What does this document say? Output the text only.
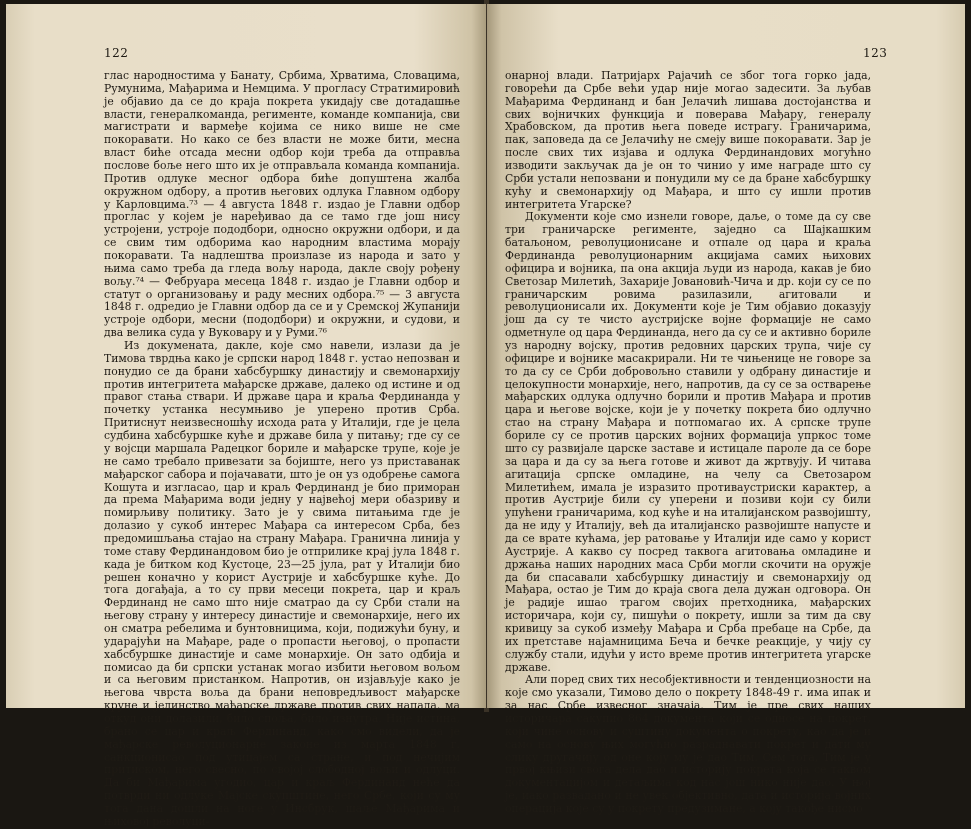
122

глас народностима у Банату, Србима, Хрватима, Словацима, Румунима, Мађарима и Немцима. У прогласу Стратимировић је објавио да се до краја покрета укидају све дотадашње власти, генералкоманда, регименте, команде компанија, сви магистрати и вармеђе којима се нико више не сме покоравати. Но како се без власти не може бити, месна власт биће отсада месни одбор који треба да отправља послове боље него што их је отправљала команда компанија. Против одлуке месног одбора биће допуштена жалба окружном одбору, а против његових одлука Главном одбору у Карловцима.⁷³ — 4 августа 1848 г. издао је Главни одбор проглас у којем је наређивао да се тамо где још нису устројени, устроје пододбори, односно окружни одбори, и да се свим тим одборима као народним властима морају покоравати. Та надлештва произлазе из народа и зато у њима само треба да гледа вољу народа, дакле своју рођену вољу.⁷⁴ — Фебруара месеца 1848 г. издао је Главни одбор и статут о организовању и раду месних одбора.⁷⁵ — 3 августа 1848 г. одредио је Главни одбор да се и у Сремској Жупанији устроје одбори, месни (пододбори) и окружни, и судови, и два велика суда у Вуковару и у Руми.⁷⁶

Из докумената, дакле, које смо навели, излази да је Тимова тврдња како је српски народ 1848 г. устао непозван и понудио се да брани хабсбуршку династију и свемонархију против интегритета мађарске државе, далеко од истине и од правог стања ствари. И државе царa и краља Фердинанда у почетку устанка несумњиво је уперено против Срба. Притиснут неизвесношћу исхода рата у Италији, где је цела судбина хабсбуршке куће и државе била у питању; где су се у војсци маршала Радецког бориле и мађарске трупе, које је не само требало привезати за бојиште, него уз приставанак мађарског сабора и појачавати, што је он уз одобрење самога Кошута и изгласао, цар и краљ Фердинанд је био приморан да према Мађарима води једну у највећој мери обазриву и помирљиву политику. Зато је у свима питањима где је долазио у сукоб интерес Мађара са интересом Срба, без предомишљања стајао на страну Мађара. Гранична линија у томе ставу Фердинандовом био је отприлике крај јула 1848 г. када је битком код Кустоце, 23—25 јула, рат у Италији био решен коначно у корист Аустрије и хабсбуршке куће. До тога догађаја, а то су први месеци покрета, цар и краљ Фердинанд не само што није сматрао да су Срби стали на његову страну у интересу династије и свемонархије, него их он сматра ребелима и бунтовницима, који, подижући буну, и ударајући на Мађаре, раде о пропасти његовој, о пропасти хабсбуршке династије и саме монархије. Он зато одбија и помисао да би српски устанак могао избити његовом вољом и са његовим пристанком. Напротив, он изјављује како је његова чврста воља да брани неповредљивост мађарске круне и јединство мађарске државе против свих напада, ма откуд они долазили, било споља, било изнутра. Није истина, брано се цар и краљ Фердинанд, како смо видели, да је мађарске револуционарне законе из марта 1848 г. санкционисао под утицајем са стране, и под нечијим притиском, него свесно, по својој слободној вољи и одлуци. Да би Мађарима угодио, цар и краљ Фердинанд неће да потврди ни одлуке Мајске скупштине, него Србе, који су му тога дана дошли на ноге у Инсбрук, шаље Мађарима и њиховој револуци-

123

онарној влади. Патријарх Рајачић се због тога горко јада, говорећи да Србе већи удар није могао задесити. За љубав Мађарима Фердинанд и бан Јелачић лишава достојанства и свих војничких функција и поверава Мађару, генералу Храбовском, да против њега поведе истрагу. Граничарима, пак, заповеда да се Јелачићу не смеју више покоравати. Зар је после свих тих изјава и одлука Фердинандових могућно изводити закључак да је он то чинио у име награде што су Срби устали непозвани и понудили му се да бране хабсбуршку кућу и свемонархију од Мађара, и што су ишли против интегритета Угарске?

Документи које смо изнели говоре, даље, о томе да су све три граничарске регименте, заједно са Шајкашким батаљоном, револуционисане и отпале од цара и краља Фердинанда револуционарним акцијама самих њихових официра и војника, па она акција људи из народа, какав је био Светозар Милетић, Захарије Јовановић-Чича и др. који су се по граничарским ровима разилазили, агитовали и револуционисали их. Документи које је Тим објавио доказују још да су те чисто аустријске војне формације не само одметнуле од цара Фердинанда, него да су се и активно бориле уз народну војску, против редовних царских трупа, чије су официре и војнике масакрирали. Ни те чињенице не говоре за то да су се Срби добровољно ставили у одбрану династије и целокупности монархије, него, напротив, да су се за остварење мађарских одлука одлучно борили и против Мађара и против цара и његове војске, који је у почетку покрета био одлучно стао на страну Мађара и потпомагао их. А српске трупе бориле су се против царских војних формација упркос томе што су развијале царске заставе и истицале пароле да се боре за цара и да су за њега готове и живот да жртвују. И читава агитација српске омладине, на челу са Светозаром Милетићем, имала је изразито противаустриски карактер, а против Аустрије били су уперени и позиви који су били упућени граничарима, код куће и на италијанском развојишту, да не иду у Италију, већ да италијанско развојиште напусте и да се врате кућама, јер ратовање у Италији иде само у корист Аустрије. А какво су посред таквога агитовања омладине и држања наших народних маса Срби могли скочити на оружје да би спасавали хабсбуршку династију и свемонархију од Мађара, остао је Тим до краја свога дела дужан одговора. Он је радије ишао трагом својих претходника, мађарских историчара, који су, пишући о покрету, ишли за тим да сву кривицу за сукоб између Мађара и Срба пребаце на Србе, да их претставе најамницима Беча и бечке реакције, у чију су службу стали, идући у исто време против интегритета угарске државе.

Али поред свих тих несобјективности и тенденциозности на које смо указали, Тимово дело о покрету 1848-49 г. има ипак и за нас Србе извесног значаја. Тим је пре свих наших историчара сакупио 864 документа који се односе на покрет, који чине основу и суштину документа о покрету, као да је и само на основу њих могућно разраднавати покрет и дати му слику другачију од оне коју му је дао Тим. Сем тога, Тим је у првој књизи свога дела дао и историју покрета која се таквом документацијом и детаљима код нас још нико није дао. У њој је, иако развадано и не увек објективно, дата и историја војних операција које су у покрету предузимане, а којy такође нисмо
